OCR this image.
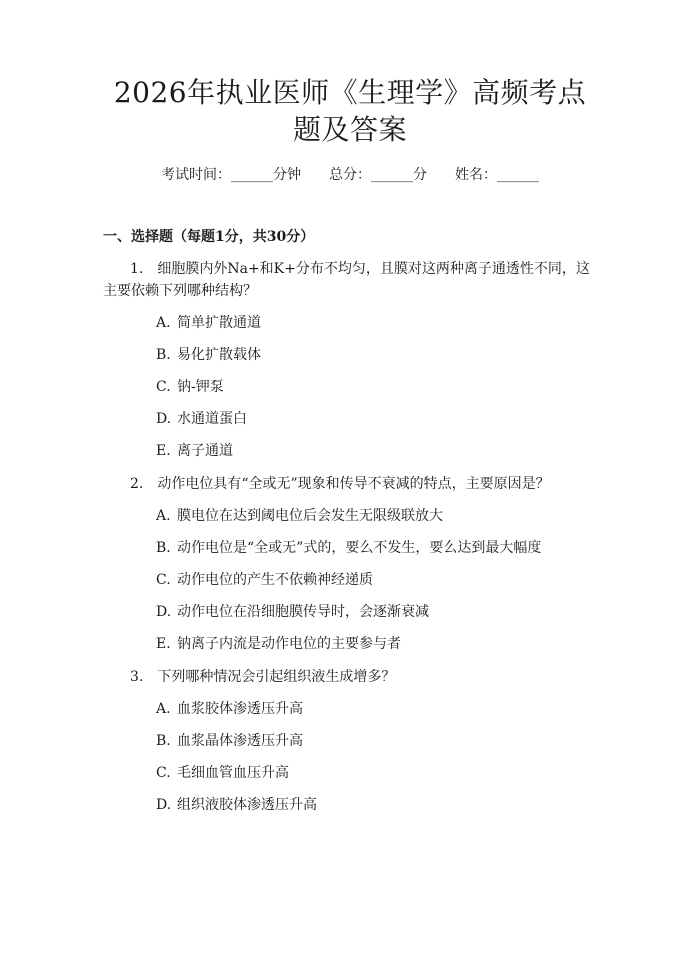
2026年执业医师《生理学》高频考点题及答案
考试时间：______分钟 总分：______分 姓名：______
一、选择题（每题1分，共30分）
1. 细胞膜内外Na+和K+分布不均匀，且膜对这两种离子通透性不同，这主要依赖下列哪种结构？
A. 简单扩散通道
B. 易化扩散载体
C. 钠-钾泵
D. 水通道蛋白
E. 离子通道
2. 动作电位具有“全或无”现象和传导不衰减的特点，主要原因是？
A. 膜电位在达到阈电位后会发生无限级联放大
B. 动作电位是“全或无”式的，要么不发生，要么达到最大幅度
C. 动作电位的产生不依赖神经递质
D. 动作电位在沿细胞膜传导时，会逐渐衰减
E. 钠离子内流是动作电位的主要参与者
3. 下列哪种情况会引起组织液生成增多？
A. 血浆胶体渗透压升高
B. 血浆晶体渗透压升高
C. 毛细血管血压升高
D. 组织液胶体渗透压升高
